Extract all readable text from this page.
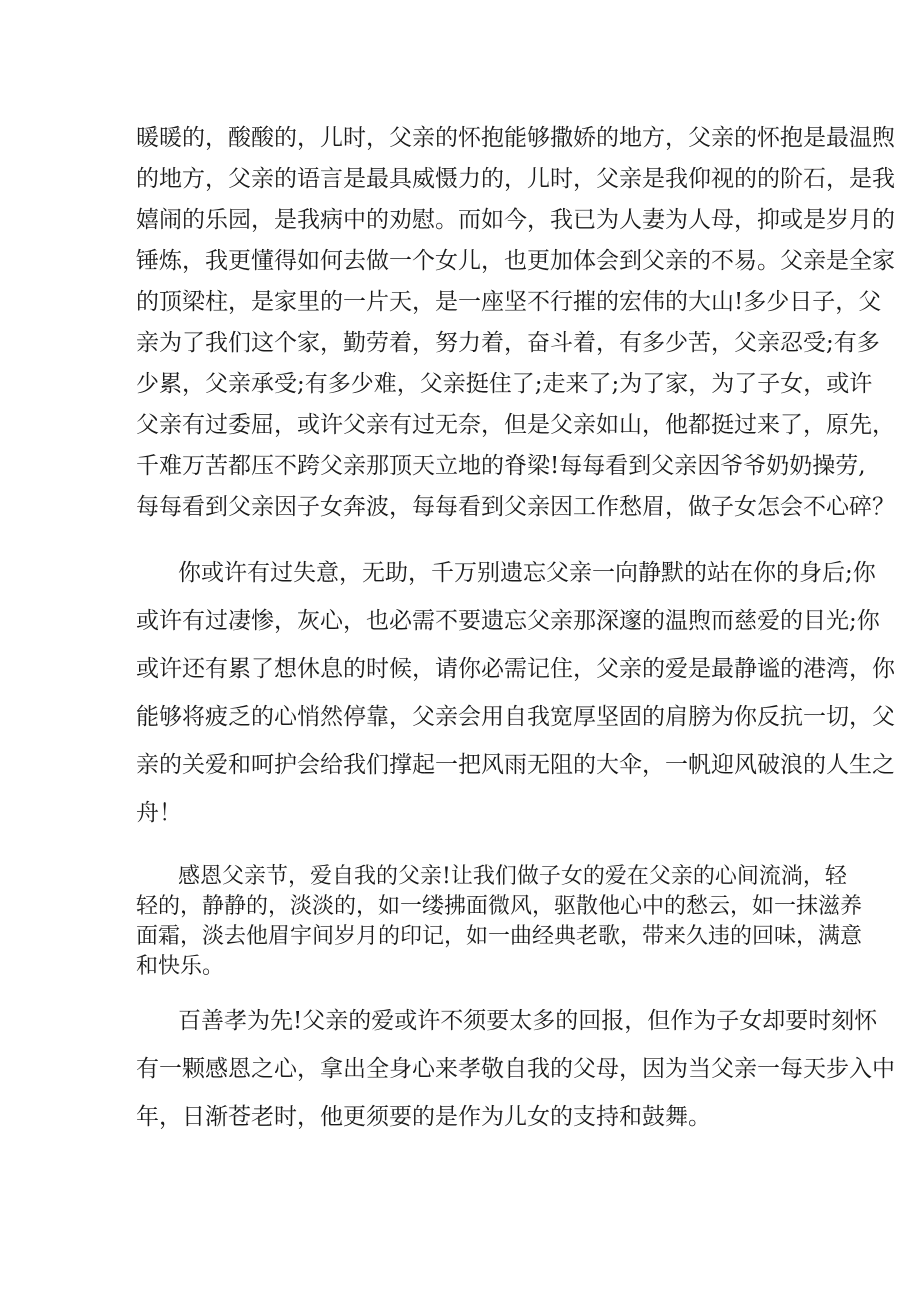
暖暖的，酸酸的，儿时，父亲的怀抱能够撒娇的地方，父亲的怀抱是最温煦
的地方，父亲的语言是最具威慑力的，儿时，父亲是我仰视的的阶石，是我
嬉闹的乐园，是我病中的劝慰。而如今，我已为人妻为人母，抑或是岁月的
锤炼，我更懂得如何去做一个女儿，也更加体会到父亲的不易。父亲是全家
的顶梁柱，是家里的一片天，是一座坚不行摧的宏伟的大山!多少日子，父
亲为了我们这个家，勤劳着，努力着，奋斗着，有多少苦，父亲忍受;有多
少累，父亲承受;有多少难，父亲挺住了;走来了;为了家，为了子女，或许
父亲有过委屈，或许父亲有过无奈，但是父亲如山，他都挺过来了，原先，
千难万苦都压不跨父亲那顶天立地的脊梁!每每看到父亲因爷爷奶奶操劳,
每每看到父亲因子女奔波，每每看到父亲因工作愁眉，做子女怎会不心碎？
你或许有过失意，无助，千万别遗忘父亲一向静默的站在你的身后;你
或许有过凄惨，灰心，也必需不要遗忘父亲那深邃的温煦而慈爱的目光;你
或许还有累了想休息的时候，请你必需记住，父亲的爱是最静谧的港湾，你
能够将疲乏的心悄然停靠，父亲会用自我宽厚坚固的肩膀为你反抗一切，父
亲的关爱和呵护会给我们撑起一把风雨无阻的大伞，一帆迎风破浪的人生之
舟！
感恩父亲节，爱自我的父亲!让我们做子女的爱在父亲的心间流淌，轻
轻的，静静的，淡淡的，如一缕拂面微风，驱散他心中的愁云，如一抹滋养
面霜，淡去他眉宇间岁月的印记，如一曲经典老歌，带来久违的回味，满意
和快乐。
百善孝为先!父亲的爱或许不须要太多的回报，但作为子女却要时刻怀
有一颗感恩之心，拿出全身心来孝敬自我的父母，因为当父亲一每天步入中
年，日渐苍老时，他更须要的是作为儿女的支持和鼓舞。
